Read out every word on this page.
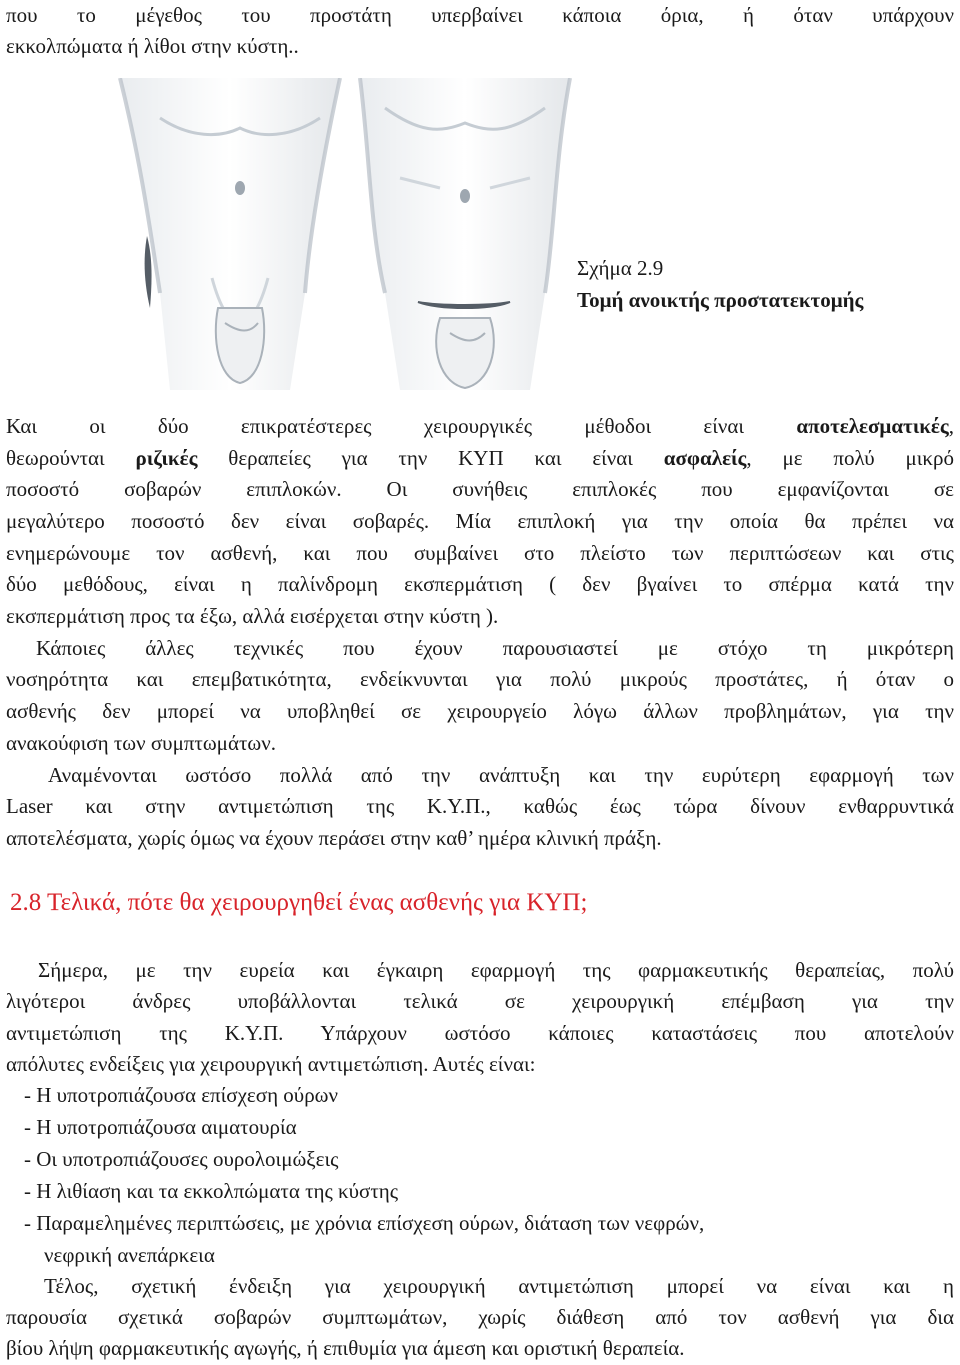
που το μέγεθος του προστάτη υπερβαίνει κάποια όρια, ή όταν υπάρχουν
εκκολπώματα ή λίθοι στην κύστη..
Σχήμα 2.9
Τομή ανοικτής προστατεκτομής
Και οι δύο επικρατέστερες χειρουργικές μέθοδοι είναι αποτελεσματικές,
θεωρούνται ριζικές θεραπείες για την ΚΥΠ και είναι ασφαλείς, με πολύ μικρό
ποσοστό σοβαρών επιπλοκών. Οι συνήθεις επιπλοκές που εμφανίζονται σε
μεγαλύτερο ποσοστό δεν είναι σοβαρές. Μία επιπλοκή για την οποία θα πρέπει να
ενημερώνουμε τον ασθενή, και που συμβαίνει στο πλείστο των περιπτώσεων και στις
δύο μεθόδους, είναι η παλίνδρομη εκσπερμάτιση ( δεν βγαίνει το σπέρμα κατά την
εκσπερμάτιση προς τα έξω, αλλά εισέρχεται στην κύστη ).
Κάποιες άλλες τεχνικές που έχουν παρουσιαστεί με στόχο τη μικρότερη
νοσηρότητα και επεμβατικότητα, ενδείκνυνται για πολύ μικρούς προστάτες, ή όταν ο
ασθενής δεν μπορεί να υποβληθεί σε χειρουργείο λόγω άλλων προβλημάτων, για την
ανακούφιση των συμπτωμάτων.
Αναμένονται ωστόσο πολλά από την ανάπτυξη και την ευρύτερη εφαρμογή των
Laser και στην αντιμετώπιση της Κ.Υ.Π., καθώς έως τώρα δίνουν ενθαρρυντικά
αποτελέσματα, χωρίς όμως να έχουν περάσει στην καθ’ ημέρα κλινική πράξη.
2.8 Τελικά, πότε θα χειρουργηθεί ένας ασθενής για ΚΥΠ;
Σήμερα, με την ευρεία και έγκαιρη εφαρμογή της φαρμακευτικής θεραπείας, πολύ
λιγότεροι άνδρες υποβάλλονται τελικά σε χειρουργική επέμβαση για την
αντιμετώπιση της Κ.Υ.Π. Υπάρχουν ωστόσο κάποιες καταστάσεις που αποτελούν
απόλυτες ενδείξεις για χειρουργική αντιμετώπιση. Αυτές είναι:
- Η υποτροπιάζουσα επίσχεση ούρων
- Η υποτροπιάζουσα αιματουρία
- Οι υποτροπιάζουσες ουρολοιμώξεις
- Η λιθίαση και τα εκκολπώματα της κύστης
- Παραμελημένες περιπτώσεις, με χρόνια επίσχεση ούρων, διάταση των νεφρών,
νεφρική ανεπάρκεια
Τέλος, σχετική ένδειξη για χειρουργική αντιμετώπιση μπορεί να είναι και η
παρουσία σχετικά σοβαρών συμπτωμάτων, χωρίς διάθεση από τον ασθενή για δια
βίου λήψη φαρμακευτικής αγωγής, ή επιθυμία για άμεση και οριστική θεραπεία.
